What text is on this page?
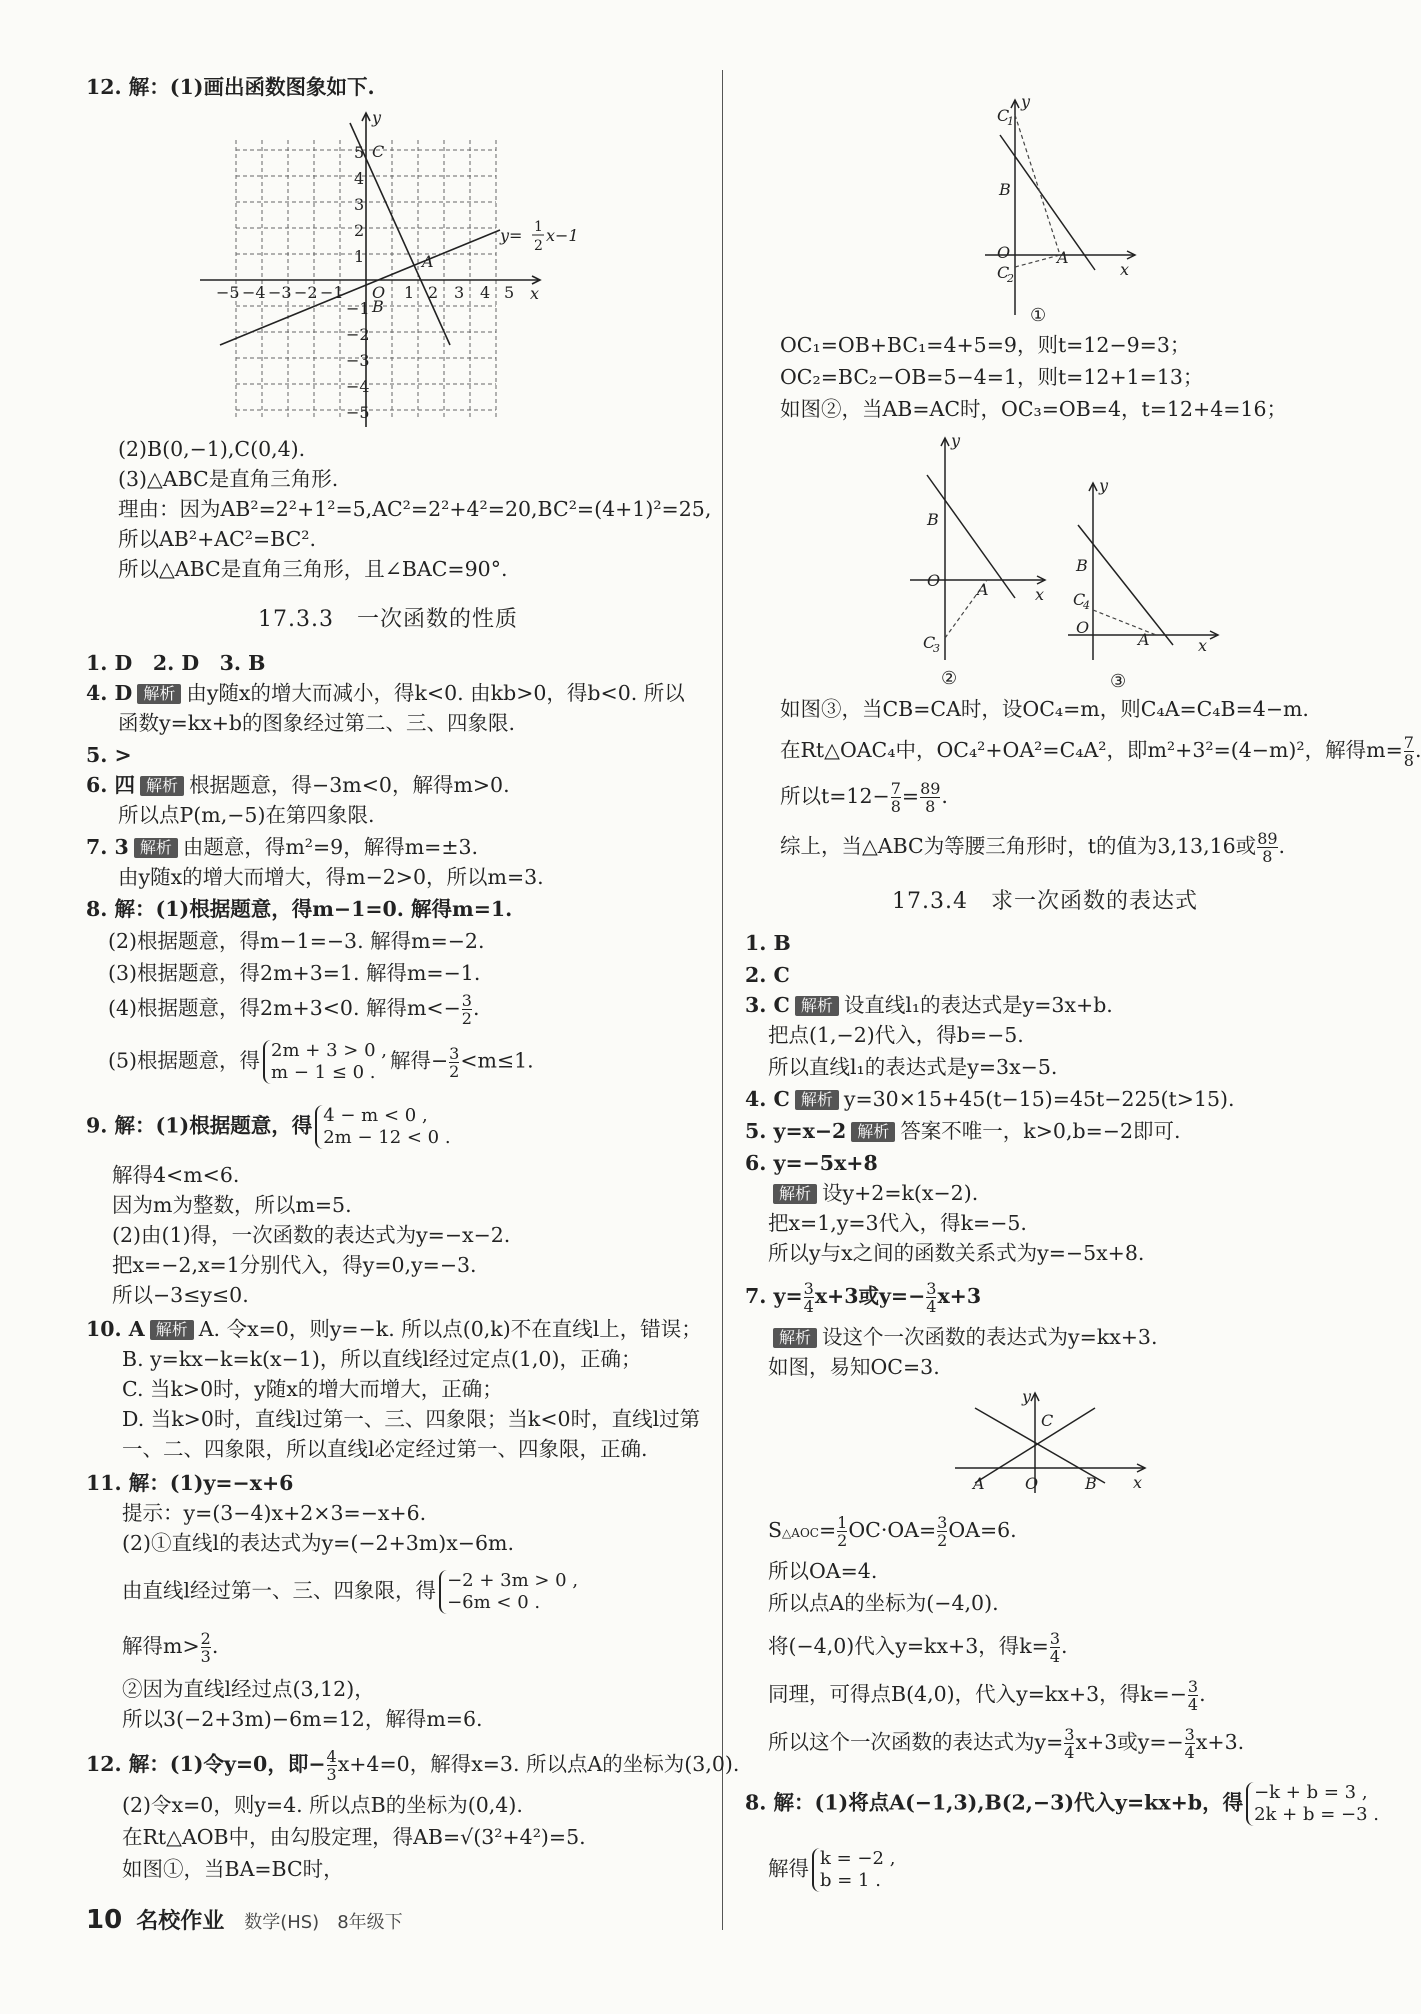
12. 解：(1)画出函数图象如下.
y
x
O
−5 −4 −3 −2 −1	1 2 3 4 5
5
4
3
2
1
−1
−2
−3
−4
−5
C
B
A
y= 1
2
x−1
(2)B(0,−1),C(0,4).
(3)△ABC是直角三角形.
理由：因为AB²=2²+1²=5,AC²=2²+4²=20,BC²=(4+1)²=25,
所以AB²+AC²=BC².
所以△ABC是直角三角形，且∠BAC=90°.
17.3.3　一次函数的性质
1. D　2. D　3. B
4. D 解析 由y随x的增大而减小，得k<0. 由kb>0，得b<0. 所以
函数y=kx+b的图象经过第二、三、四象限.
5. >
6. 四 解析 根据题意，得−3m<0，解得m>0.
所以点P(m,−5)在第四象限.
7. 3 解析 由题意，得m²=9，解得m=±3.
由y随x的增大而增大，得m−2>0，所以m=3.
8. 解：(1)根据题意，得m−1=0. 解得m=1.
(2)根据题意，得m−1=−3. 解得m=−2.
(3)根据题意，得2m+3=1. 解得m=−1.
(4)根据题意，得2m+3<0. 解得$m<- \frac{3}{2}$ .
(5)根据题意，得 2m + 3 > 0 ,
m − 1 ≤ 0 . 解得− $\frac{3}{2} <m\le 1$.
9. 解：(1)根据题意，得 4 − m < 0 ,
2m − 12 < 0 .
解得4<m<6.
因为m为整数，所以m=5.
(2)由(1)得，一次函数的表达式为y=−x−2.
把x=−2,x=1分别代入，得y=0,y=−3.
所以−3≤y≤0.
10. A 解析 A. 令x=0，则y=−k. 所以点(0,k)不在直线l上，错误；
B. y=kx−k=k(x−1)，所以直线l经过定点(1,0)，正确；
C. 当k>0时，y随x的增大而增大，正确；
D. 当k>0时，直线l过第一、三、四象限；当k<0时，直线l过第
一、二、四象限，所以直线l必定经过第一、四象限，正确.
11. 解：(1)y=−x+6
提示：y=(3−4)x+2×3=−x+6.
(2)①直线l的表达式为y=(−2+3m)x−6m.
由直线l经过第一、三、四象限，得 −2 + 3m > 0 ,
−6m < 0 .
解得$m> \frac{2}{3}$ .
②因为直线l经过点(3,12)，
所以3(−2+3m)−6m=12，解得m=6.
12. 解：(1)令y=0，即− $\frac{4}{3} x+4=0$，解得x=3. 所以点A的坐标为(3,0).
(2)令x=0，则y=4. 所以点B的坐标为(0,4).
在Rt△AOB中，由勾股定理，得AB=√(3²+4²)=5.
如图①，当BA=BC时，
y
x
C
1
B
O
C
2
A
①
OC₁=OB+BC₁=4+5=9，则t=12−9=3；
OC₂=BC₂−OB=5−4=1，则t=12+1=13；
如图②，当AB=AC时，OC₃=OB=4，t=12+4=16；
y
x
B
O A
C
3
②
y
x
B
C
4
O
A
③
如图③，当CB=CA时，设OC₄=m，则C₄A=C₄B=4−m.
在Rt△OAC₄中，OC₄²+OA²=C₄A²，即m²+3²=(4−m)²，解得$m= \frac{7}{8}$ .
所以$t=12- \frac{7}{8} = \frac{89}{8}$ .
综上，当△ABC为等腰三角形时，t的值为3,13,16或 $\frac{89}{8}$ .
17.3.4　求一次函数的表达式
1. B
2. C
3. C 解析 设直线l₁的表达式是y=3x+b.
把点(1,−2)代入，得b=−5.
所以直线l₁的表达式是y=3x−5.
4. C 解析 y=30×15+45(t−15)=45t−225(t>15).
5. y=x−2 解析 答案不唯一，k>0,b=−2即可.
6. y=−5x+8
解析 设y+2=k(x−2).
把x=1,y=3代入，得k=−5.
所以y与x之间的函数关系式为y=−5x+8.
7. $y= \frac{3}{4} x+3$或$y=- \frac{3}{4} x+3$
解析 设这个一次函数的表达式为y=kx+3.
如图，易知OC=3.
y
C
x
A	O	B
S△AOC= $\frac{1}{2} OC\cdot OA= \frac{3}{2} OA=6$.
所以OA=4.
所以点A的坐标为(−4,0).
将(−4,0)代入y=kx+3，得$k= \frac{3}{4}$ .
同理，可得点B(4,0)，代入y=kx+3，得$k=- \frac{3}{4}$ .
所以这个一次函数的表达式为$y= \frac{3}{4} x+3$或$y=- \frac{3}{4} x+3$.
8. 解：(1)将点A(−1,3),B(2,−3)代入y=kx+b，得 −k + b = 3 ,
2k + b = −3 .
解得 k = −2 ,
b = 1 .
10 名校作业 数学(HS)　8年级下
